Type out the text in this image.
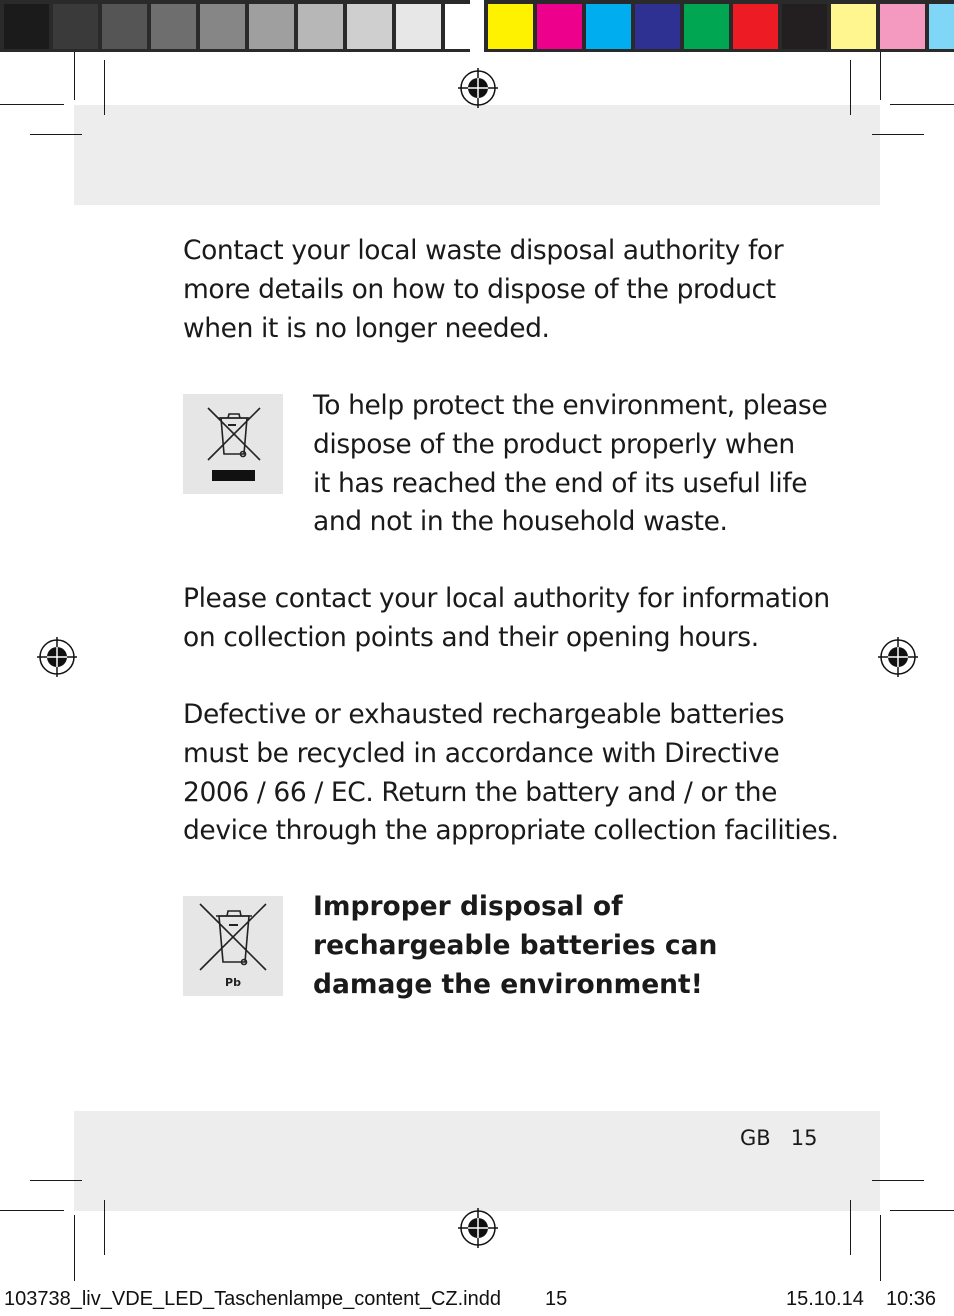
Contact your local waste disposal authority for
more details on how to dispose of the product
when it is no longer needed.
To help protect the environment, please
dispose of the product properly when
it has reached the end of its useful life
and not in the household waste.
Please contact your local authority for information
on collection points and their opening hours.
Defective or exhausted rechargeable batteries
must be recycled in accordance with Directive
2006 / 66 / EC. Return the battery and / or the
device through the appropriate collection facilities.
Pb
Improper disposal of
rechargeable batteries can
damage the environment!
GB 15
103738_liv_VDE_LED_Taschenlampe_content_CZ.indd 15	15.10.14 10:36
